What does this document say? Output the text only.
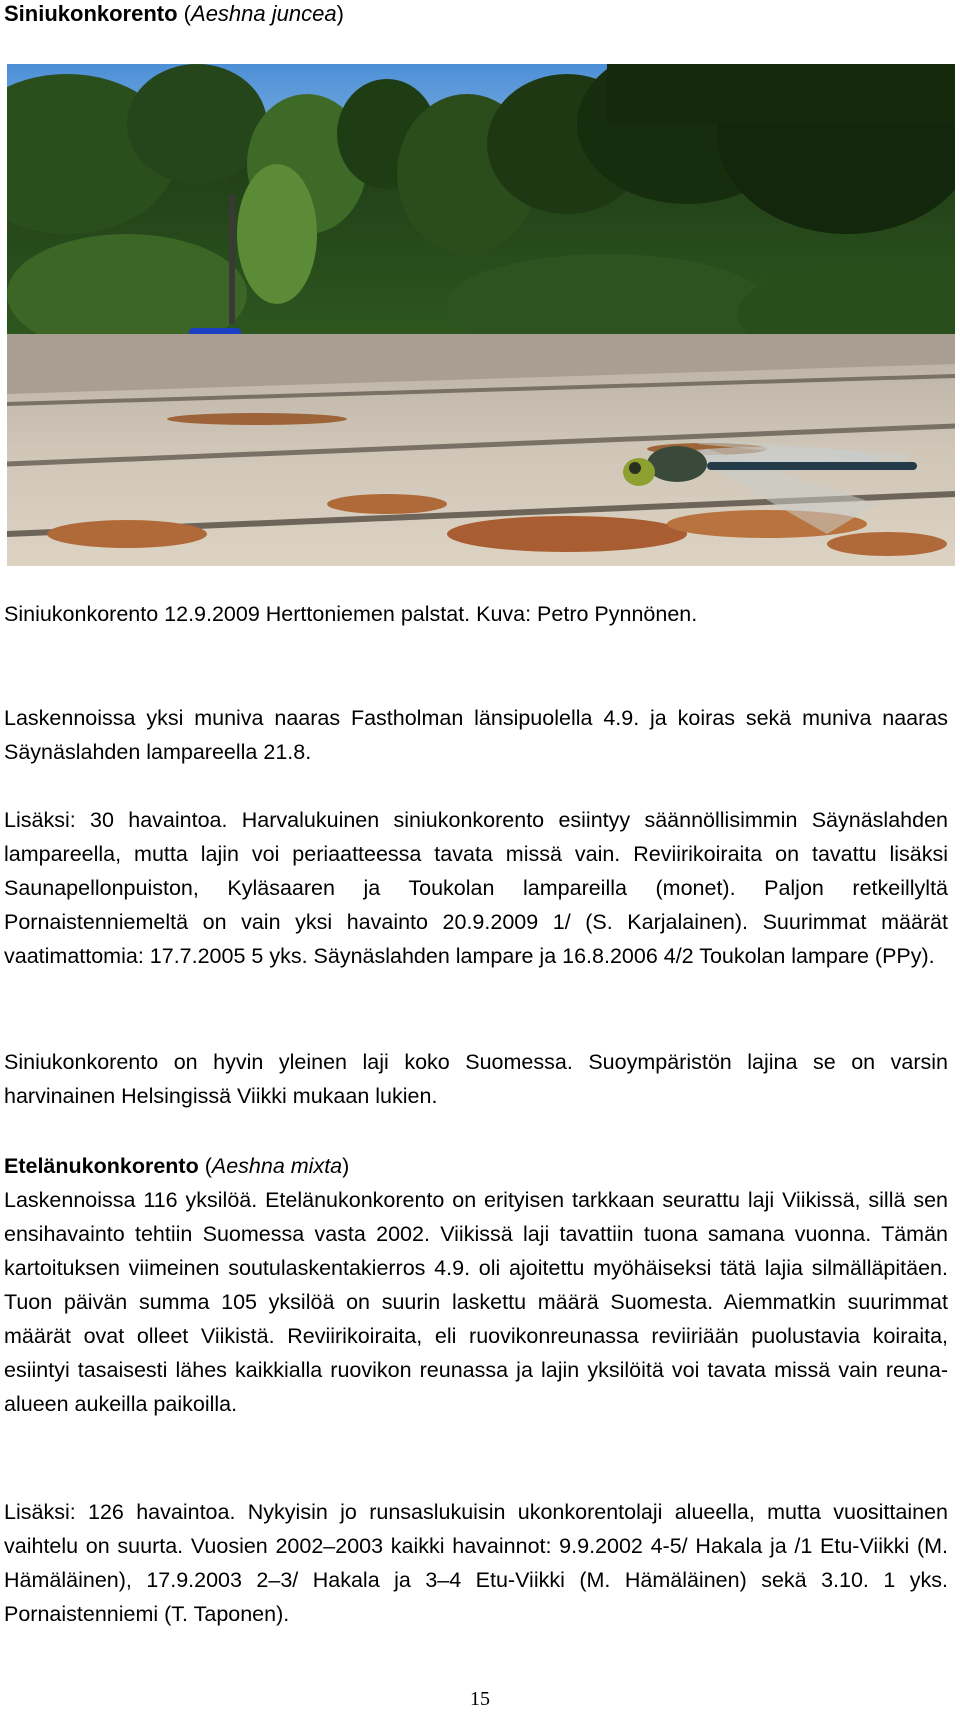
Siniukonkorento (Aeshna juncea)

Siniukonkorento 12.9.2009 Herttoniemen palstat. Kuva: Petro Pynnönen.

Laskennoissa yksi muniva naaras Fastholman länsipuolella 4.9. ja koiras sekä muniva naaras Säynäslahden lampareella 21.8.

Lisäksi: 30 havaintoa. Harvalukuinen siniukonkorento esiintyy säännöllisimmin Säynäslahden lampareella, mutta lajin voi periaatteessa tavata missä vain. Reviirikoiraita on tavattu lisäksi Saunapellonpuiston, Kyläsaaren ja Toukolan lampareilla (monet). Paljon retkeillyltä Pornaistenniemeltä on vain yksi havainto 20.9.2009 1/ (S. Karjalainen). Suurimmat määrät vaatimattomia: 17.7.2005 5 yks. Säynäslahden lampare ja 16.8.2006 4/2 Toukolan lampare (PPy).

Siniukonkorento on hyvin yleinen laji koko Suomessa. Suoympäristön lajina se on varsin harvinainen Helsingissä Viikki mukaan lukien.

Etelänukonkorento (Aeshna mixta)

Laskennoissa 116 yksilöä. Etelänukonkorento on erityisen tarkkaan seurattu laji Viikissä, sillä sen ensihavainto tehtiin Suomessa vasta 2002. Viikissä laji tavattiin tuona samana vuonna. Tämän kartoituksen viimeinen soutulaskentakierros 4.9. oli ajoitettu myöhäiseksi tätä lajia silmälläpitäen. Tuon päivän summa 105 yksilöä on suurin laskettu määrä Suomesta. Aiemmatkin suurimmat määrät ovat olleet Viikistä. Reviirikoiraita, eli ruovikonreunassa reviiriään puolustavia koiraita, esiintyi tasaisesti lähes kaikkialla ruovikon reunassa ja lajin yksilöitä voi tavata missä vain reuna-alueen aukeilla paikoilla.

Lisäksi: 126 havaintoa. Nykyisin jo runsaslukuisin ukonkorentolaji alueella, mutta vuosittainen vaihtelu on suurta. Vuosien 2002–2003 kaikki havainnot: 9.9.2002 4-5/ Hakala ja /1 Etu-Viikki (M. Hämäläinen), 17.9.2003 2–3/ Hakala ja 3–4 Etu-Viikki (M. Hämäläinen) sekä 3.10. 1 yks. Pornaistenniemi (T. Taponen).

15
